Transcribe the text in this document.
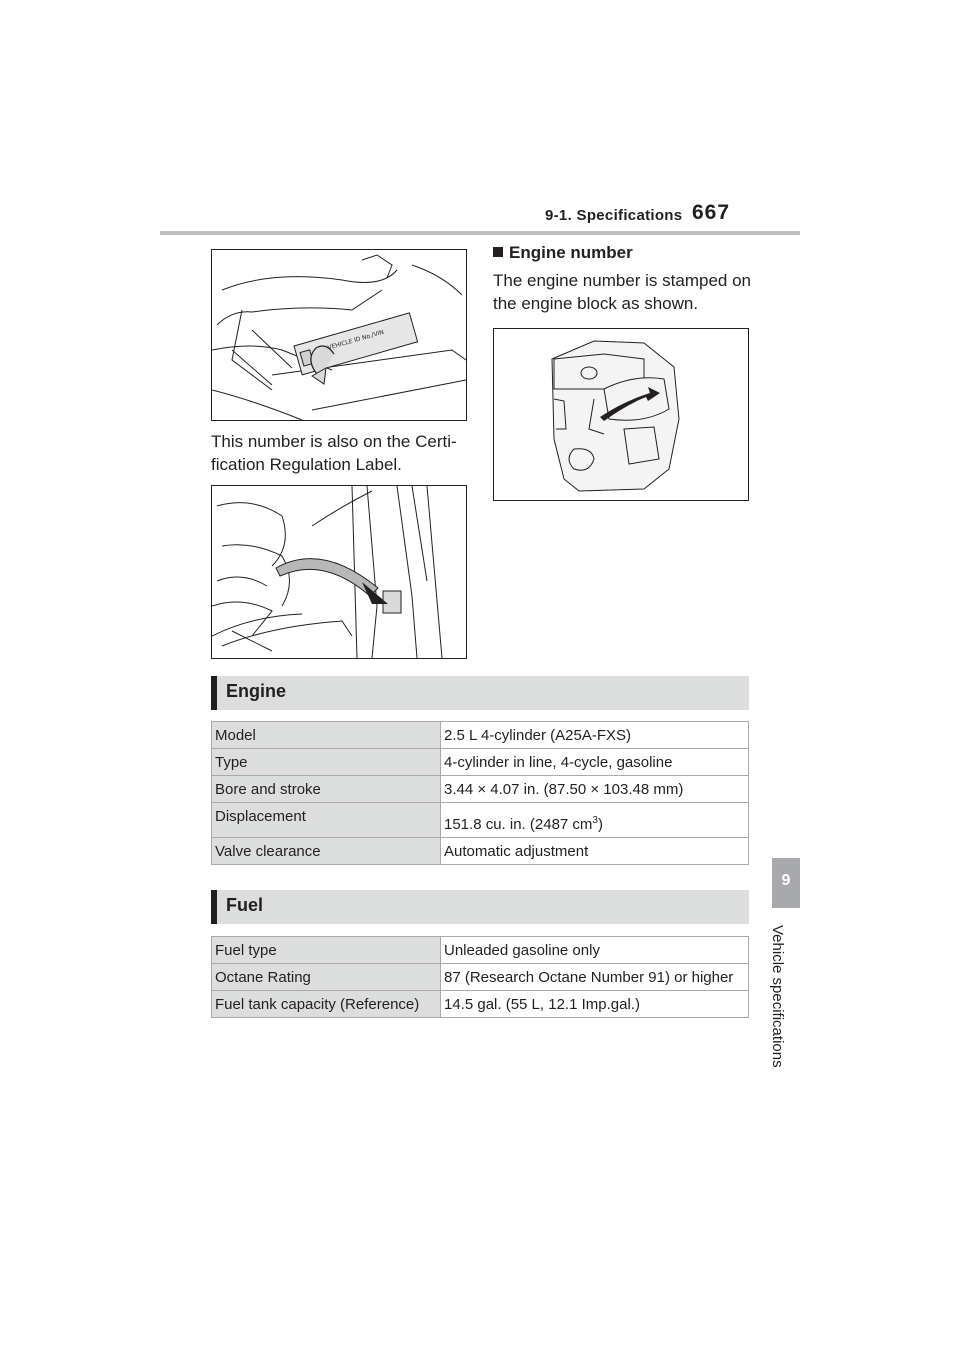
9-1. Specifications 667
9
Vehicle specifications
VEHICLE ID No./VIN
This number is also on the Certi-fication Regulation Label.
Engine number
The engine number is stamped on the engine block as shown.
Engine
Model	2.5 L 4-cylinder (A25A-FXS)
Type	4-cylinder in line, 4-cycle, gasoline
Bore and stroke	3.44 × 4.07 in. (87.50 × 103.48 mm)
Displacement	151.8 cu. in. (2487 $cm^3$)
Valve clearance	Automatic adjustment
Fuel
Fuel type	Unleaded gasoline only
Octane Rating	87 (Research Octane Number 91) or higher
Fuel tank capacity (Reference)	14.5 gal. (55 L, 12.1 Imp.gal.)
